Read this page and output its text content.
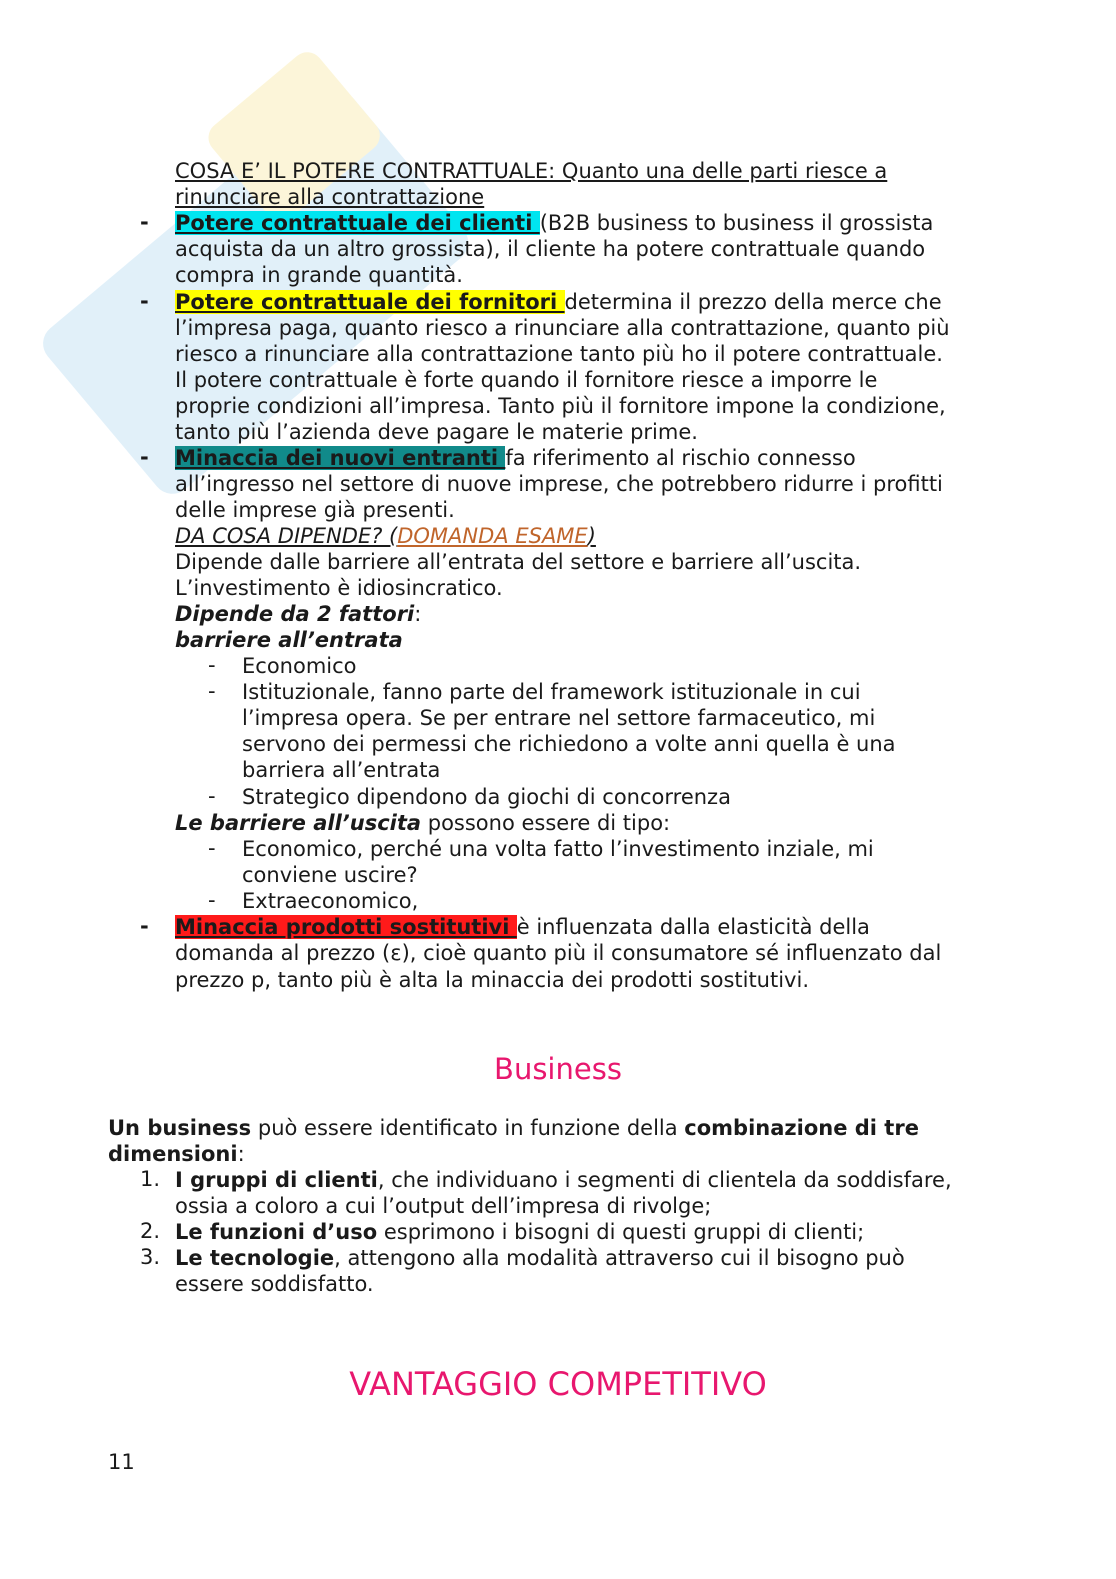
COSA E’ IL POTERE CONTRATTUALE: Quanto una delle parti riesce a
rinunciare alla contrattazione
- Potere contrattuale dei clienti (B2B business to business il grossista
acquista da un altro grossista), il cliente ha potere contrattuale quando
compra in grande quantità.
- Potere contrattuale dei fornitori determina il prezzo della merce che
l’impresa paga, quanto riesco a rinunciare alla contrattazione, quanto più
riesco a rinunciare alla contrattazione tanto più ho il potere contrattuale.
Il potere contrattuale è forte quando il fornitore riesce a imporre le
proprie condizioni all’impresa. Tanto più il fornitore impone la condizione,
tanto più l’azienda deve pagare le materie prime.
- Minaccia dei nuovi entranti fa riferimento al rischio connesso
all’ingresso nel settore di nuove imprese, che potrebbero ridurre i profitti
delle imprese già presenti.
DA COSA DIPENDE? (DOMANDA ESAME)
Dipende dalle barriere all’entrata del settore e barriere all’uscita.
L’investimento è idiosincratico.
Dipende da 2 fattori:
barriere all’entrata
- Economico
- Istituzionale, fanno parte del framework istituzionale in cui
l’impresa opera. Se per entrare nel settore farmaceutico, mi
servono dei permessi che richiedono a volte anni quella è una
barriera all’entrata
- Strategico dipendono da giochi di concorrenza
Le barriere all’uscita possono essere di tipo:
- Economico, perché una volta fatto l’investimento inziale, mi
conviene uscire?
- Extraeconomico,
- Minaccia prodotti sostitutivi è influenzata dalla elasticità della
domanda al prezzo (ε), cioè quanto più il consumatore sé influenzato dal
prezzo p, tanto più è alta la minaccia dei prodotti sostitutivi.
Business
Un business può essere identificato in funzione della combinazione di tre
dimensioni:
1. I gruppi di clienti, che individuano i segmenti di clientela da soddisfare,
ossia a coloro a cui l’output dell’impresa di rivolge;
2. Le funzioni d’uso esprimono i bisogni di questi gruppi di clienti;
3. Le tecnologie, attengono alla modalità attraverso cui il bisogno può
essere soddisfatto.
VANTAGGIO COMPETITIVO
11
